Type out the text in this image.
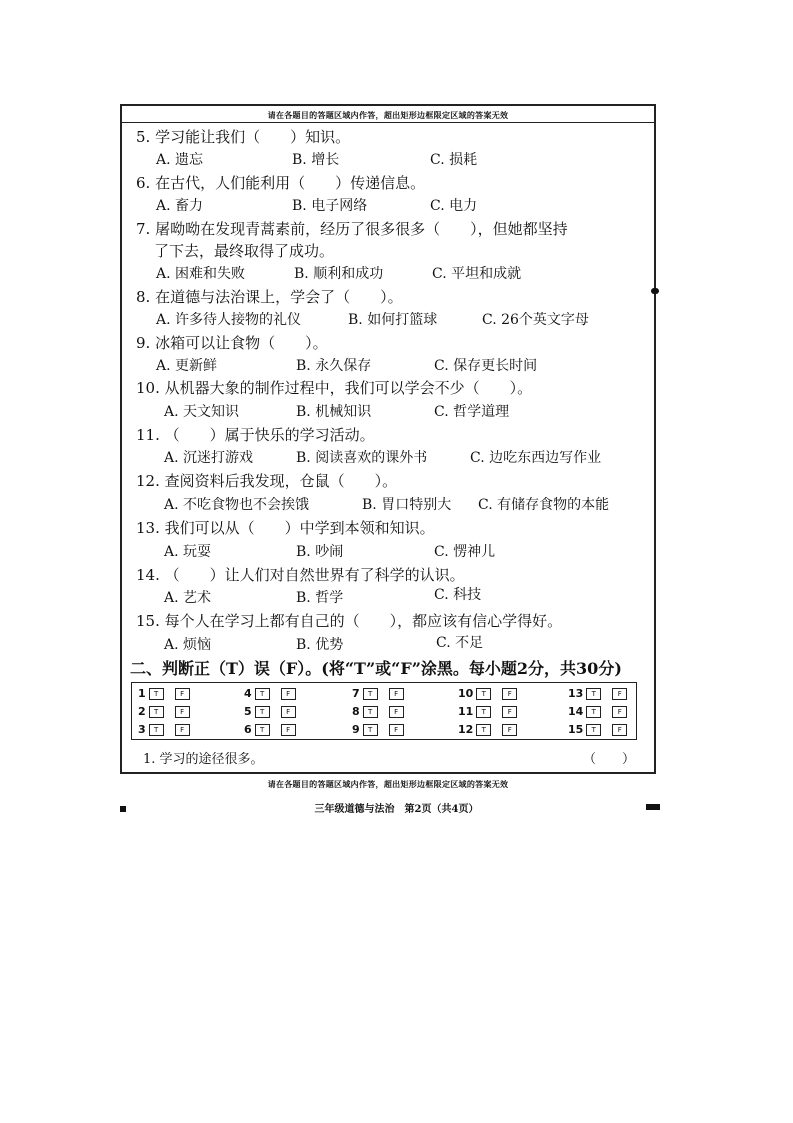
请在各题目的答题区域内作答，超出矩形边框限定区域的答案无效
请在各题目的答题区域内作答，超出矩形边框限定区域的答案无效
5. 学习能让我们（　　）知识。
A. 遗忘	B. 增长	C. 损耗
6. 在古代，人们能利用（　　）传递信息。
A. 畜力	B. 电子网络	C. 电力
7. 屠呦呦在发现青蒿素前，经历了很多很多（　　），但她都坚持
了下去，最终取得了成功。
A. 困难和失败	B. 顺利和成功	C. 平坦和成就
8. 在道德与法治课上，学会了（　　）。
A. 许多待人接物的礼仪	B. 如何打篮球	C. 26个英文字母
9. 冰箱可以让食物（　　）。
A. 更新鲜	B. 永久保存	C. 保存更长时间
10. 从机器大象的制作过程中，我们可以学会不少（　　）。
A. 天文知识	B. 机械知识	C. 哲学道理
11. （　　）属于快乐的学习活动。
A. 沉迷打游戏	B. 阅读喜欢的课外书	C. 边吃东西边写作业
12. 查阅资料后我发现，仓鼠（　　）。
A. 不吃食物也不会挨饿	B. 胃口特别大 C. 有储存食物的本能
13. 我们可以从（　　）中学到本领和知识。
A. 玩耍	B. 吵闹	C. 愣神儿
14. （　　）让人们对自然世界有了科学的认识。
A. 艺术	B. 哲学	C. 科技
15. 每个人在学习上都有自己的（　　），都应该有信心学得好。
A. 烦恼	B. 优势	C. 不足
二、判断正（T）误（F）。(将“T”或“F”涂黑。每小题2分，共30分)
1	T	F
2	T	F
3	T	F
4	T	F
5	T	F
6	T	F
7	T	F
8	T	F
9	T	F
10	T	F
11	T	F
12	T	F
13	T	F
14	T	F
15	T	F
1. 学习的途径很多。	（　　）
三年级道德与法治　第2页（共4页）
